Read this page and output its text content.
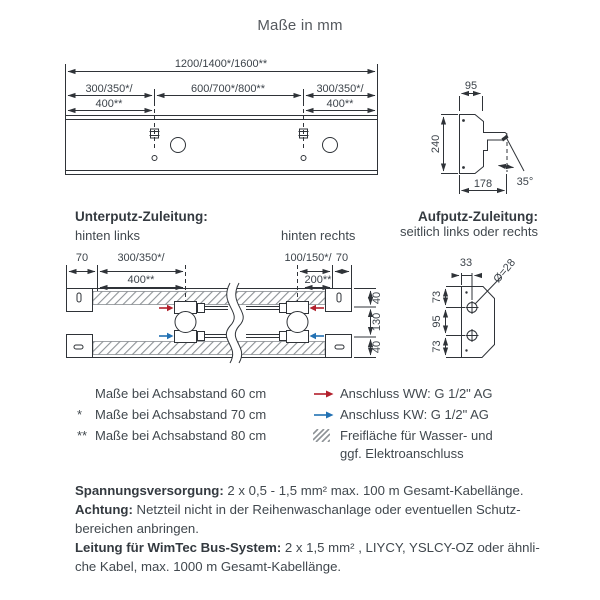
Maße in mm
1200/1400*/1600**
300/350*/	600/700*/800**	300/350*/
400**	400**
95
240
178 35°
Unterputz-Zuleitung:
hinten links	hinten rechts
Aufputz-Zuleitung:
seitlich links oder rechts
70	300/350*/
400**
100/150*/ 70
200**
40
130
40
33 Ø=28
73
95
73
Maße bei Achsabstand 60 cm
* Maße bei Achsabstand 70 cm
** Maße bei Achsabstand 80 cm
Anschluss WW: G 1/2" AG
Anschluss KW: G 1/2" AG
Freifläche für Wasser- und
ggf. Elektroanschluss
Spannungsversorgung: 2 x 0,5 - 1,5 mm² max. 100 m Gesamt-Kabellänge.
Achtung: Netzteil nicht in der Reihenwaschanlage oder eventuellen Schutz-
bereichen anbringen.
Leitung für WimTec Bus-System: 2 x 1,5 mm² , LIYCY, YSLCY-OZ oder ähnli-
che Kabel, max. 1000 m Gesamt-Kabellänge.
